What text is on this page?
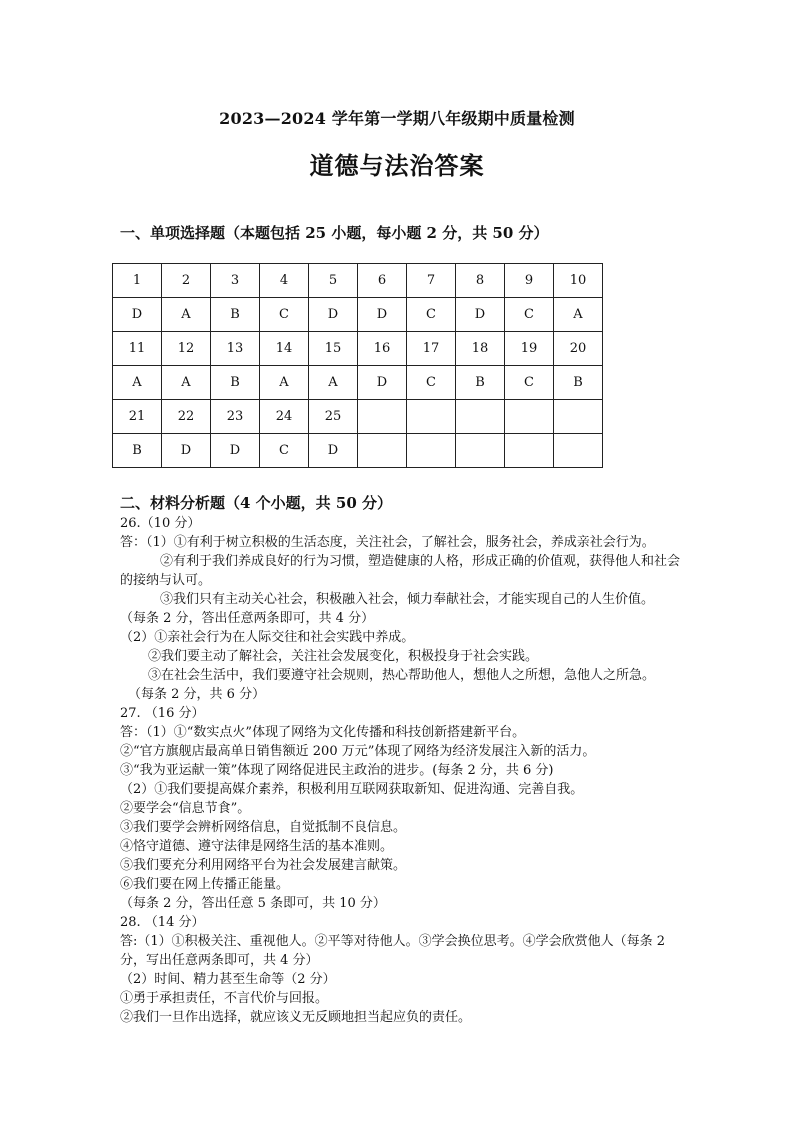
2023—2024 学年第一学期八年级期中质量检测
道德与法治答案
一、单项选择题（本题包括 25 小题，每小题 2 分，共 50 分）
1	2	3	4	5	6	7	8	9	10
D	A	B	C	D	D	C	D	C	A
11	12	13	14	15	16	17	18	19	20
A	A	B	A	A	D	C	B	C	B
21	22	23	24	25					
B	D	D	C	D					
二、材料分析题（4 个小题，共 50 分）

26.（10 分）

答：（1）①有利于树立积极的生活态度，关注社会，了解社会，服务社会，养成亲社会行为。

②有利于我们养成良好的行为习惯，塑造健康的人格，形成正确的价值观，获得他人和社会的接纳与认可。

③我们只有主动关心社会，积极融入社会，倾力奉献社会，才能实现自己的人生价值。

（每条 2 分，答出任意两条即可，共 4 分）

（2）①亲社会行为在人际交往和社会实践中养成。

②我们要主动了解社会，关注社会发展变化，积极投身于社会实践。

③在社会生活中，我们要遵守社会规则，热心帮助他人，想他人之所想，急他人之所急。

（每条 2 分，共 6 分）

27. （16 分）

答：（1）①“数实点火”体现了网络为文化传播和科技创新搭建新平台。

②“官方旗舰店最高单日销售额近 200 万元”体现了网络为经济发展注入新的活力。

③“我为亚运献一策”体现了网络促进民主政治的进步。(每条 2 分，共 6 分)

（2）①我们要提高媒介素养，积极利用互联网获取新知、促进沟通、完善自我。

②要学会“信息节食”。

③我们要学会辨析网络信息，自觉抵制不良信息。

④恪守道德、遵守法律是网络生活的基本准则。

⑤我们要充分利用网络平台为社会发展建言献策。

⑥我们要在网上传播正能量。

（每条 2 分，答出任意 5 条即可，共 10 分）

28. （14 分）

答:（1）①积极关注、重视他人。②平等对待他人。③学会换位思考。④学会欣赏他人（每条 2 分，写出任意两条即可，共 4 分）

（2）时间、精力甚至生命等（2 分）

①勇于承担责任，不言代价与回报。

②我们一旦作出选择，就应该义无反顾地担当起应负的责任。
